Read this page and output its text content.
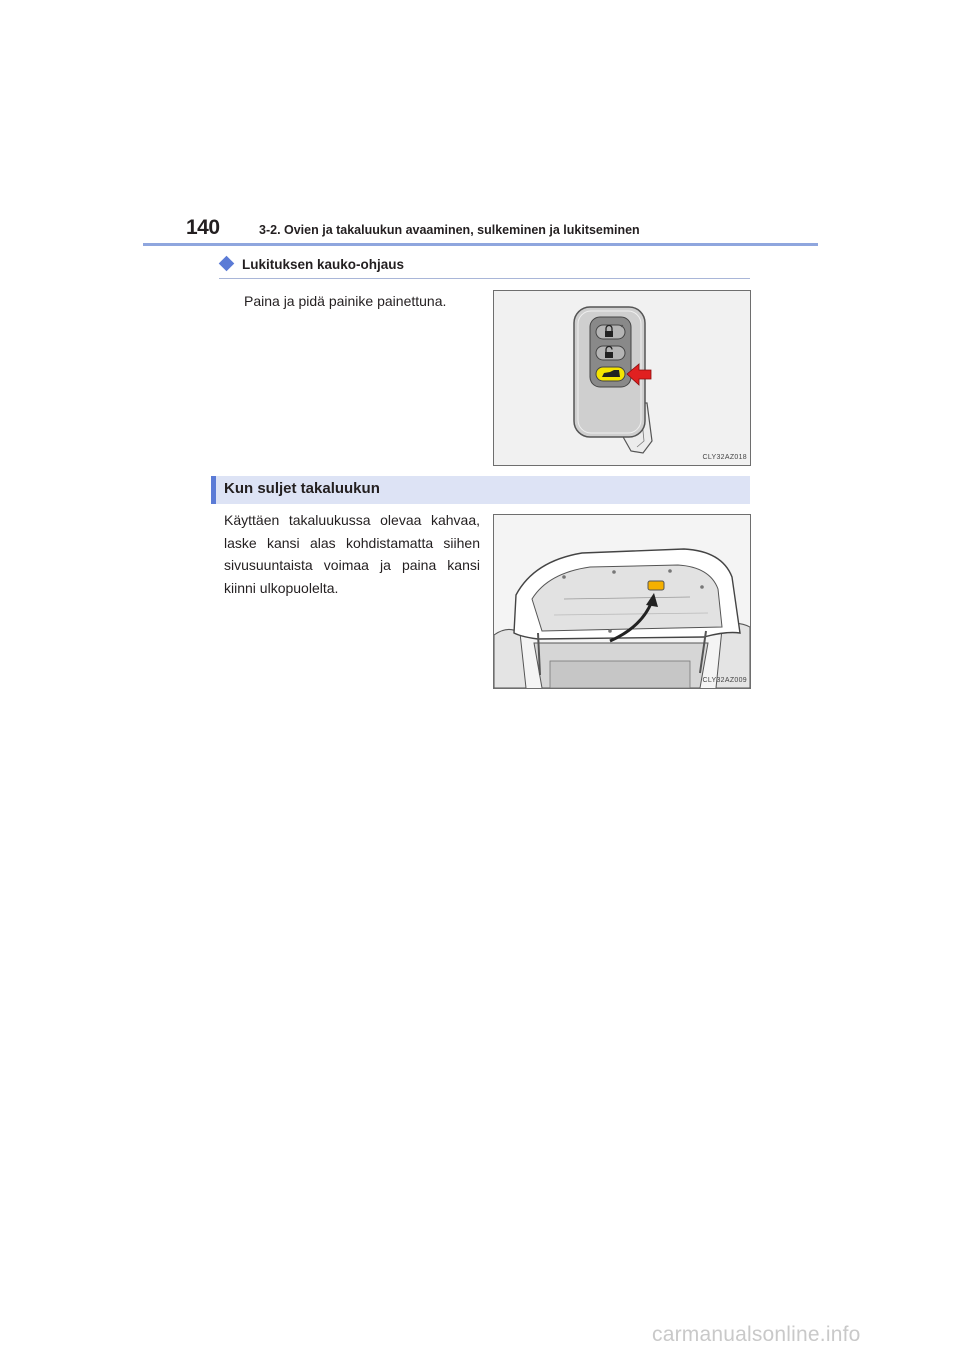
140	3-2. Ovien ja takaluukun avaaminen, sulkeminen ja lukitseminen
Lukituksen kauko-ohjaus
Paina ja pidä painike painettuna.
CLY32AZ018
Kun suljet takaluukun
Käyttäen takaluukussa olevaa kahvaa, laske kansi alas kohdistamatta siihen sivusuuntaista voimaa ja paina kansi kiinni ulkopuolelta.
CLY32AZ009
carmanualsonline.info
